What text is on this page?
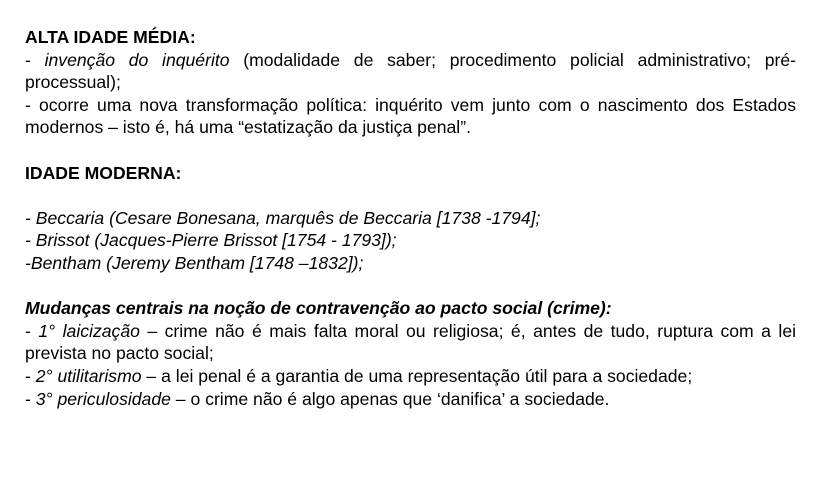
ALTA IDADE MÉDIA:

- invenção do inquérito (modalidade de saber; procedimento policial administrativo; pré-processual);

- ocorre uma nova transformação política: inquérito vem junto com o nascimento dos Estados modernos – isto é, há uma “estatização da justiça penal”.

IDADE MODERNA:

- Beccaria (Cesare Bonesana, marquês de Beccaria [1738 -1794];

- Brissot (Jacques-Pierre Brissot [1754 - 1793]);

-Bentham (Jeremy Bentham [1748 –1832]);

Mudanças centrais na noção de contravenção ao pacto social (crime):

- 1° laicização – crime não é mais falta moral ou religiosa; é, antes de tudo, ruptura com a lei prevista no pacto social;

- 2° utilitarismo – a lei penal é a garantia de uma representação útil para a sociedade;

- 3° periculosidade – o crime não é algo apenas que ‘danifica’ a sociedade.
